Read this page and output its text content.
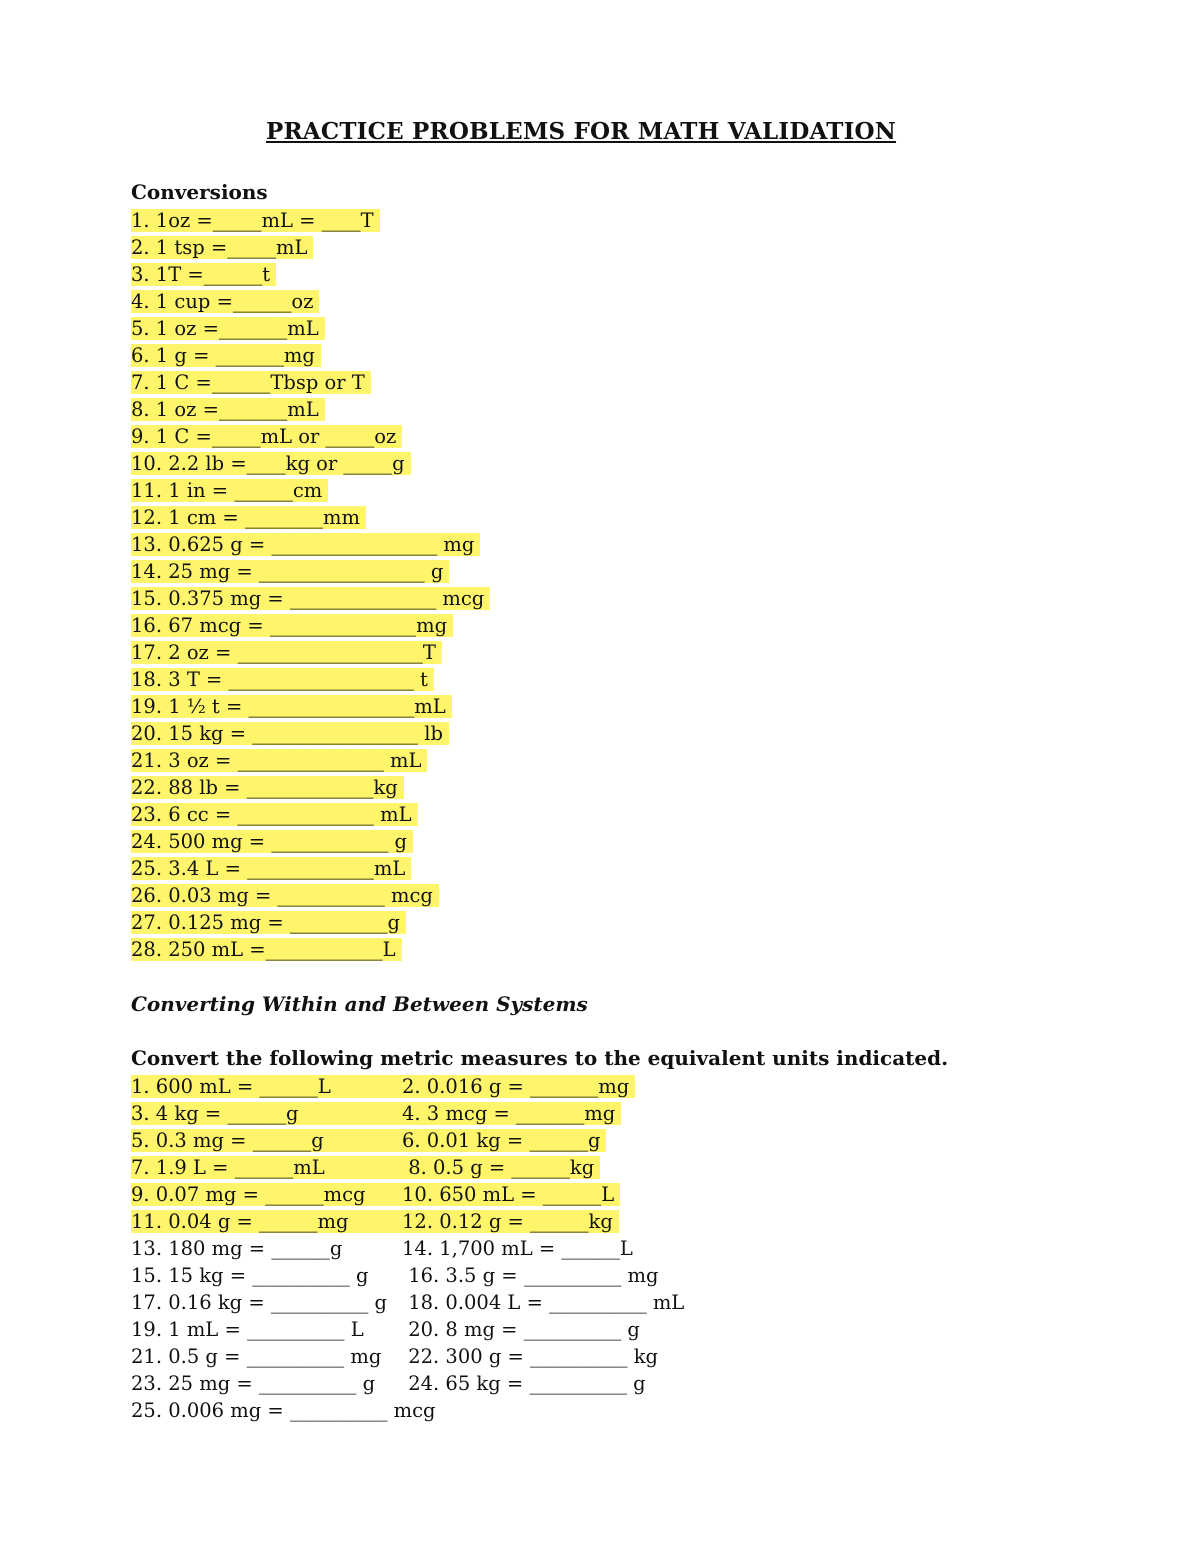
PRACTICE PROBLEMS FOR MATH VALIDATION
Conversions
1. 1oz =_____mL = ____T
2. 1 tsp =_____mL
3. 1T =______t
4. 1 cup =______oz
5. 1 oz =_______mL
6. 1 g = _______mg
7. 1 C =______Tbsp or T
8. 1 oz =_______mL
9. 1 C =_____mL or _____oz
10. 2.2 lb =____kg or _____g
11. 1 in = ______cm
12. 1 cm = ________mm
13. 0.625 g = _________________ mg
14. 25 mg = _________________ g
15. 0.375 mg = _______________ mcg
16. 67 mcg = _______________mg
17. 2 oz = ___________________T
18. 3 T = ___________________ t
19. 1 ½ t = _________________mL
20. 15 kg = _________________ lb
21. 3 oz = _______________ mL
22. 88 lb = _____________kg
23. 6 cc = ______________ mL
24. 500 mg = ____________ g
25. 3.4 L = _____________mL
26. 0.03 mg = ___________ mcg
27. 0.125 mg = __________g
28. 250 mL =____________L
Converting Within and Between Systems
Convert the following metric measures to the equivalent units indicated.
1. 600 mL = ______L	2. 0.016 g = _______mg
3. 4 kg = ______g	4. 3 mcg = _______mg
5. 0.3 mg = ______g	6. 0.01 kg = ______g
7. 1.9 L = ______mL	8. 0.5 g = ______kg
9. 0.07 mg = ______mcg 10. 650 mL = ______L
11. 0.04 g = ______mg	12. 0.12 g = ______kg
13. 180 mg = ______g	14. 1,700 mL = ______L
15. 15 kg = __________ g 16. 3.5 g = __________ mg
17. 0.16 kg = __________ g 18. 0.004 L = __________ mL
19. 1 mL = __________ L 20. 8 mg = __________ g
21. 0.5 g = __________ mg 22. 300 g = __________ kg
23. 25 mg = __________ g 24. 65 kg = __________ g
25. 0.006 mg = __________ mcg
